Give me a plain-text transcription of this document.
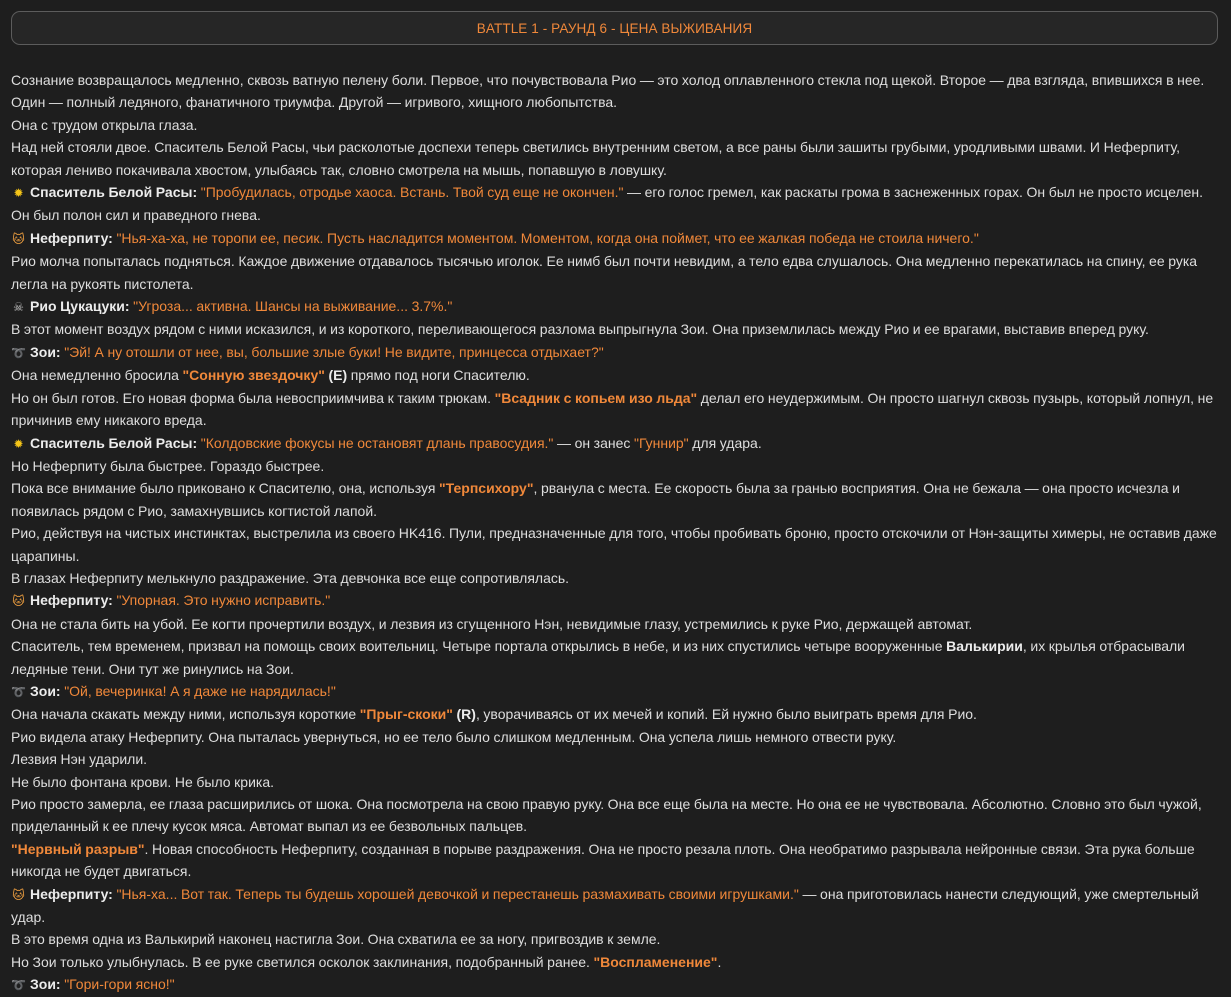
BATTLE 1 - РАУНД 6 - ЦЕНА ВЫЖИВАНИЯ
Сознание возвращалось медленно, сквозь ватную пелену боли. Первое, что почувствовала Рио — это холод оплавленного стекла под щекой. Второе — два взгляда, впившихся в нее. Один — полный ледяного, фанатичного триумфа. Другой — игривого, хищного любопытства.
Она с трудом открыла глаза.
Над ней стояли двое. Спаситель Белой Расы, чьи расколотые доспехи теперь светились внутренним светом, а все раны были зашиты грубыми, уродливыми швами. И Неферпиту, которая лениво покачивала хвостом, улыбаясь так, словно смотрела на мышь, попавшую в ловушку.
✹ Спаситель Белой Расы: "Пробудилась, отродье хаоса. Встань. Твой суд еще не окончен." — его голос гремел, как раскаты грома в заснеженных горах. Он был не просто исцелен. Он был полон сил и праведного гнева.
🐱 Неферпиту: "Нья-ха-ха, не торопи ее, песик. Пусть насладится моментом. Моментом, когда она поймет, что ее жалкая победа не стоила ничего."
Рио молча попыталась подняться. Каждое движение отдавалось тысячью иголок. Ее нимб был почти невидим, а тело едва слушалось. Она медленно перекатилась на спину, ее рука легла на рукоять пистолета.
☠ Рио Цукацуки: "Угроза... активна. Шансы на выживание... 3.7%."
В этот момент воздух рядом с ними исказился, и из короткого, переливающегося разлома выпрыгнула Зои. Она приземлилась между Рио и ее врагами, выставив вперед руку.
➰ Зои: "Эй! А ну отошли от нее, вы, большие злые буки! Не видите, принцесса отдыхает?"
Она немедленно бросила "Сонную звездочку" (E) прямо под ноги Спасителю.
Но он был готов. Его новая форма была невосприимчива к таким трюкам. "Всадник с копьем изо льда" делал его неудержимым. Он просто шагнул сквозь пузырь, который лопнул, не причинив ему никакого вреда.
✹ Спаситель Белой Расы: "Колдовские фокусы не остановят длань правосудия." — он занес "Гуннир" для удара.
Но Неферпиту была быстрее. Гораздо быстрее.
Пока все внимание было приковано к Спасителю, она, используя "Терпсихору", рванула с места. Ее скорость была за гранью восприятия. Она не бежала — она просто исчезла и появилась рядом с Рио, замахнувшись когтистой лапой.
Рио, действуя на чистых инстинктах, выстрелила из своего HK416. Пули, предназначенные для того, чтобы пробивать броню, просто отскочили от Нэн-защиты химеры, не оставив даже царапины.
В глазах Неферпиту мелькнуло раздражение. Эта девчонка все еще сопротивлялась.
🐱 Неферпиту: "Упорная. Это нужно исправить."
Она не стала бить на убой. Ее когти прочертили воздух, и лезвия из сгущенного Нэн, невидимые глазу, устремились к руке Рио, держащей автомат.
Спаситель, тем временем, призвал на помощь своих воительниц. Четыре портала открылись в небе, и из них спустились четыре вооруженные Валькирии, их крылья отбрасывали ледяные тени. Они тут же ринулись на Зои.
➰ Зои: "Ой, вечеринка! А я даже не нарядилась!"
Она начала скакать между ними, используя короткие "Прыг-скоки" (R), уворачиваясь от их мечей и копий. Ей нужно было выиграть время для Рио.
Рио видела атаку Неферпиту. Она пыталась увернуться, но ее тело было слишком медленным. Она успела лишь немного отвести руку.
Лезвия Нэн ударили.
Не было фонтана крови. Не было крика.
Рио просто замерла, ее глаза расширились от шока. Она посмотрела на свою правую руку. Она все еще была на месте. Но она ее не чувствовала. Абсолютно. Словно это был чужой, приделанный к ее плечу кусок мяса. Автомат выпал из ее безвольных пальцев.
"Нервный разрыв". Новая способность Неферпиту, созданная в порыве раздражения. Она не просто резала плоть. Она необратимо разрывала нейронные связи. Эта рука больше никогда не будет двигаться.
🐱 Неферпиту: "Нья-ха... Вот так. Теперь ты будешь хорошей девочкой и перестанешь размахивать своими игрушками." — она приготовилась нанести следующий, уже смертельный удар.
В это время одна из Валькирий наконец настигла Зои. Она схватила ее за ногу, пригвоздив к земле.
Но Зои только улыбнулась. В ее руке светился осколок заклинания, подобранный ранее. "Воспламенение".
➰ Зои: "Гори-гори ясно!"
